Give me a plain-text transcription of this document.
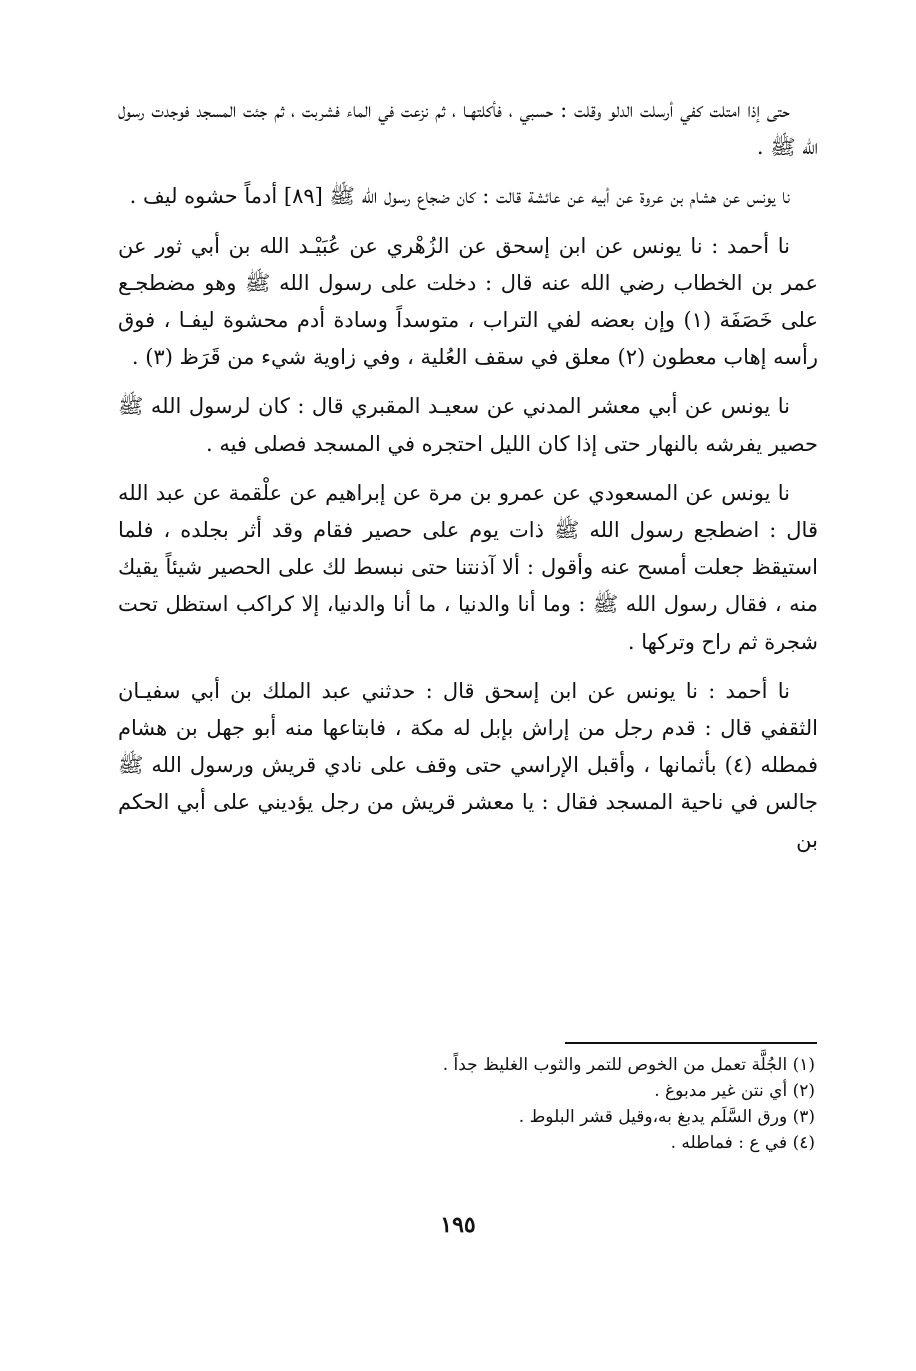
حتى إذا امتلت كفي أرسلت الدلو وقلت : حسبي ، فأكلتهـا ، ثم نزعت في الماء فشربت ، ثم جئت المسجد فوجدت رسول الله ﷺ .

نا يونس عن هشام بن عروة عن أبيه عن عائشة قالت : كان ضجاع رسول الله ﷺ [٨٩] أدماً حشوه ليف .

نا أحمد : نا يونس عن ابن إسحق عن الزُهْري عن عُبَيْـد الله بن أبي ثور عن عمر بن الخطاب رضي الله عنه قال : دخلت على رسول الله ﷺ وهو مضطجـع على خَصَفَة (١) وإن بعضه لفي التراب ، متوسداً وسادة أدم محشوة ليفـا ، فوق رأسه إهاب معطون (٢) معلق في سقف العُلية ، وفي زاوية شيء من قَرَظ (٣) .

نا يونس عن أبي معشر المدني عن سعيـد المقبري قال : كان لرسول الله ﷺ حصير يفرشه بالنهار حتى إذا كان الليل احتجره في المسجد فصلى فيه .

نا يونس عن المسعودي عن عمرو بن مرة عن إبراهيم عن علْقمة عن عبد الله قال : اضطجع رسول الله ﷺ ذات يوم على حصير فقام وقد أثر بجلده ، فلما استيقظ جعلت أمسح عنه وأقول : ألا آذنتنا حتى نبسط لك على الحصير شيئاً يقيك منه ، فقال رسول الله ﷺ : وما أنا والدنيا ، ما أنا والدنيا، إلا كراكب استظل تحت شجرة ثم راح وتركها .

نا أحمد : نا يونس عن ابن إسحق قال : حدثني عبد الملك بن أبي سفيـان الثقفي قال : قدم رجل من إراش بإبل له مكة ، فابتاعها منه أبو جهل بن هشام فمطله (٤) بأثمانها ، وأقبل الإراسي حتى وقف على نادي قريش ورسول الله ﷺ جالس في ناحية المسجد فقال : يا معشر قريش من رجل يؤديني على أبي الحكم بن

(١) الجُلَّة تعمل من الخوص للتمر والثوب الغليظ جداً .

(٢) أي نتن غير مدبوغ .

(٣) ورق السَّلَم يدبغ به،وقيل قشر البلوط .

(٤) في ع : فماطله .

١٩٥
